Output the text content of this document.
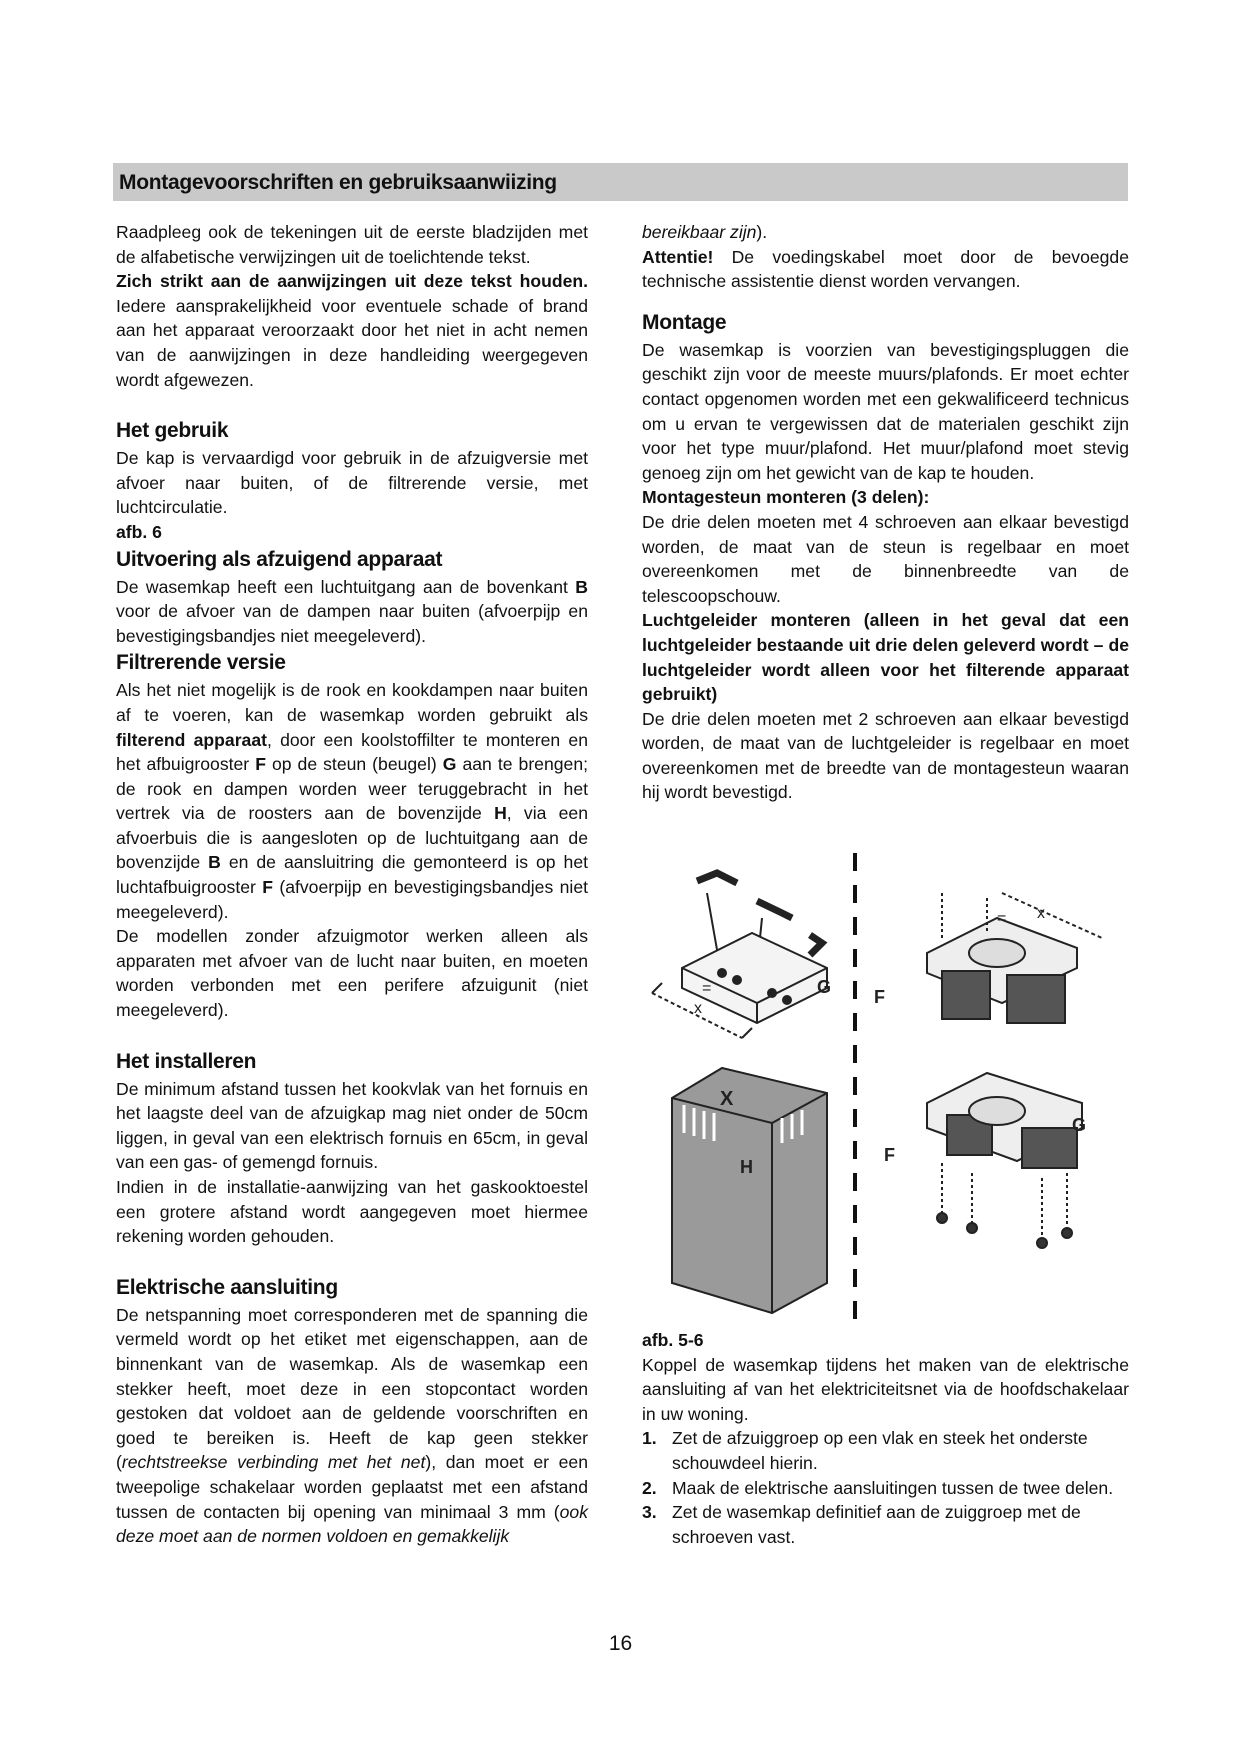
Montagevoorschriften en gebruiksaanwiizing

Raadpleeg ook de tekeningen uit de eerste bladzijden met de alfabetische verwijzingen uit de toelichtende tekst.

Zich strikt aan de aanwijzingen uit deze tekst houden. Iedere aansprakelijkheid voor eventuele schade of brand aan het apparaat veroorzaakt door het niet in acht nemen van de aanwijzingen in deze handleiding weergegeven wordt afgewezen.

Het gebruik

De kap is vervaardigd voor gebruik in de afzuigversie met afvoer naar buiten, of de filtrerende versie, met luchtcirculatie.

afb. 6

Uitvoering als afzuigend apparaat

De wasemkap heeft een luchtuitgang aan de bovenkant B voor de afvoer van de dampen naar buiten (afvoerpijp en bevestigingsbandjes niet meegeleverd).

Filtrerende versie

Als het niet mogelijk is de rook en kookdampen naar buiten af te voeren, kan de wasemkap worden gebruikt als filterend apparaat, door een koolstoffilter te monteren en het afbuigrooster F op de steun (beugel) G aan te brengen; de rook en dampen worden weer teruggebracht in het vertrek via de roosters aan de bovenzijde H, via een afvoerbuis die is aangesloten op de luchtuitgang aan de bovenzijde B en de aansluitring die gemonteerd is op het luchtafbuigrooster F (afvoerpijp en bevestigingsbandjes niet meegeleverd).

De modellen zonder afzuigmotor werken alleen als apparaten met afvoer van de lucht naar buiten, en moeten worden verbonden met een perifere afzuigunit (niet meegeleverd).

Het installeren

De minimum afstand tussen het kookvlak van het fornuis en het laagste deel van de afzuigkap mag niet onder de 50cm liggen, in geval van een elektrisch fornuis en 65cm, in geval van een gas- of gemengd fornuis.

Indien in de installatie-aanwijzing van het gaskooktoestel een grotere afstand wordt aangegeven moet hiermee rekening worden gehouden.

Elektrische aansluiting

De netspanning moet corresponderen met de spanning die vermeld wordt op het etiket met eigenschappen, aan de binnenkant van de wasemkap. Als de wasemkap een stekker heeft, moet deze in een stopcontact worden gestoken dat voldoet aan de geldende voorschriften en goed te bereiken is. Heeft de kap geen stekker (rechtstreekse verbinding met het net), dan moet er een tweepolige schakelaar worden geplaatst met een afstand tussen de contacten bij opening van minimaal 3 mm (ook deze moet aan de normen voldoen en gemakkelijk

bereikbaar zijn).

Attentie! De voedingskabel moet door de bevoegde technische assistentie dienst worden vervangen.

Montage

De wasemkap is voorzien van bevestigingspluggen die geschikt zijn voor de meeste muurs/plafonds. Er moet echter contact opgenomen worden met een gekwalificeerd technicus om u ervan te vergewissen dat de materialen geschikt zijn voor het type muur/plafond. Het muur/plafond moet stevig genoeg zijn om het gewicht van de kap te houden.

Montagesteun monteren (3 delen):

De drie delen moeten met 4 schroeven aan elkaar bevestigd worden, de maat van de steun is regelbaar en moet overeenkomen met de binnenbreedte van de telescoopschouw.

Luchtgeleider monteren (alleen in het geval dat een luchtgeleider bestaande uit drie delen geleverd wordt – de luchtgeleider wordt alleen voor het filterende apparaat gebruikt)

De drie delen moeten met 2 schroeven aan elkaar bevestigd worden, de maat van de luchtgeleider is regelbaar en moet overeenkomen met de breedte van de montagesteun waaran hij wordt bevestigd.

G
x
=	F
x
=
X
H
G
F

afb. 5-6

Koppel de wasemkap tijdens het maken van de elektrische aansluiting af van het elektriciteitsnet via de hoofdschakelaar in uw woning.

1. Zet de afzuiggroep op een vlak en steek het onderste schouwdeel hierin.
2. Maak de elektrische aansluitingen tussen de twee delen.
3. Zet de wasemkap definitief aan de zuiggroep met de schroeven vast.
16
